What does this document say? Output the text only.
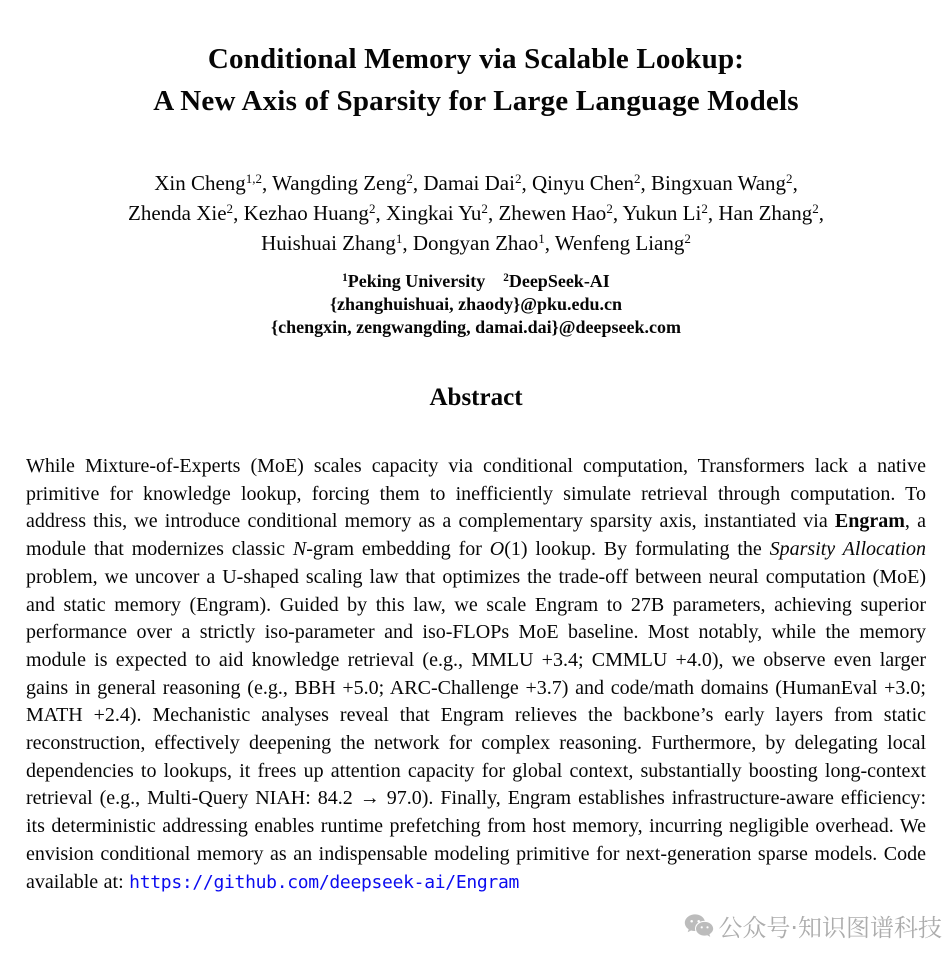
Conditional Memory via Scalable Lookup:
A New Axis of Sparsity for Large Language Models
Xin Cheng$^{1,2}$, Wangding Zeng$^2$, Damai Dai$^2$, Qinyu Chen$^2$, Bingxuan Wang$^2$,
Zhenda Xie$^2$, Kezhao Huang$^2$, Xingkai Yu$^2$, Zhewen Hao$^2$, Yukun Li$^2$, Han Zhang$^2$,
Huishuai Zhang$^1$, Dongyan Zhao$^1$, Wenfeng Liang$^2$
$^1$Peking University $^2$DeepSeek-AI
{zhanghuishuai, zhaody}@pku.edu.cn
{chengxin, zengwangding, damai.dai}@deepseek.com
Abstract

While Mixture-of-Experts (MoE) scales capacity via conditional computation, Transformers lack a native primitive for knowledge lookup, forcing them to inefficiently simulate retrieval through computation. To address this, we introduce conditional memory as a complementary sparsity axis, instantiated via Engram, a module that modernizes classic N-gram embedding for O(1) lookup. By formulating the Sparsity Allocation problem, we uncover a U-shaped scaling law that optimizes the trade-off between neural computation (MoE) and static memory (Engram). Guided by this law, we scale Engram to 27B parameters, achieving superior performance over a strictly iso-parameter and iso-FLOPs MoE baseline. Most notably, while the memory module is expected to aid knowledge retrieval (e.g., MMLU +3.4; CMMLU +4.0), we observe even larger gains in general reasoning (e.g., BBH +5.0; ARC-Challenge +3.7) and code/math domains (HumanEval +3.0; MATH +2.4). Mechanistic analyses reveal that Engram relieves the backbone’s early layers from static reconstruction, effectively deepening the network for complex reasoning. Furthermore, by delegating local dependencies to lookups, it frees up attention capacity for global context, substantially boosting long-context retrieval (e.g., Multi-Query NIAH: 84.2 → 97.0). Finally, Engram establishes infrastructure-aware efficiency: its deterministic addressing enables runtime prefetching from host memory, incurring negligible overhead. We envision conditional memory as an indispensable modeling primitive for next-generation sparse models. Code available at: https://github.com/deepseek-ai/Engram

公众号·知识图谱科技
